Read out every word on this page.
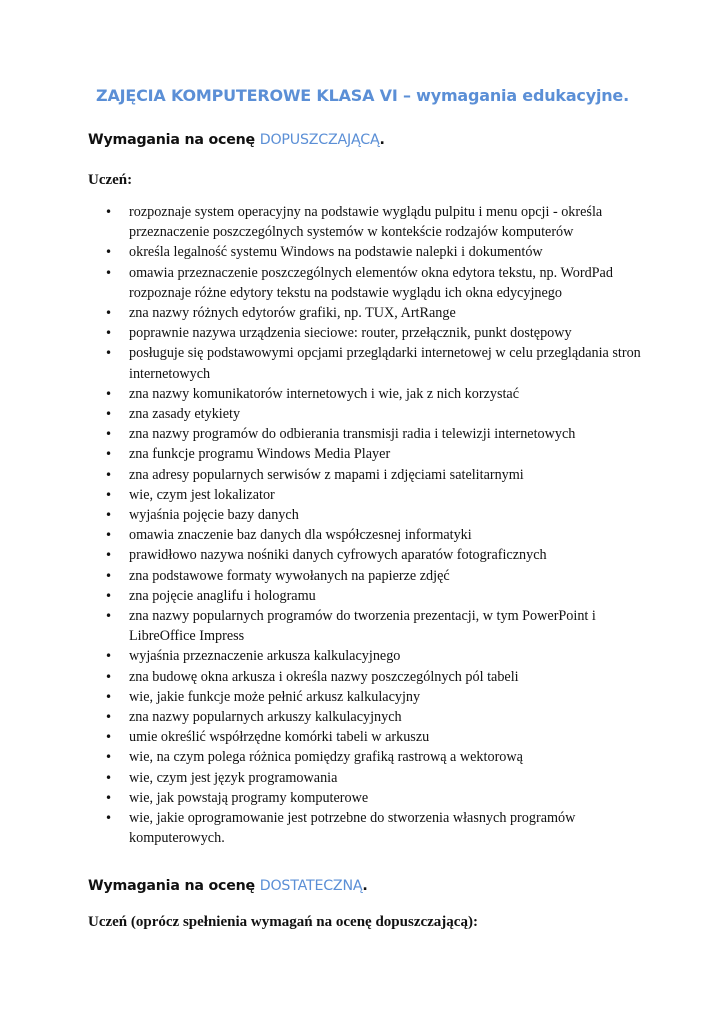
ZAJĘCIA KOMPUTEROWE KLASA VI – wymagania edukacyjne.
Wymagania na ocenę DOPUSZCZAJĄCĄ.

Uczeń:

• rozpoznaje system operacyjny na podstawie wyglądu pulpitu i menu opcji - określa przeznaczenie poszczególnych systemów w kontekście rodzajów komputerów
• określa legalność systemu Windows na podstawie nalepki i dokumentów
• omawia przeznaczenie poszczególnych elementów okna edytora tekstu, np. WordPad rozpoznaje różne edytory tekstu na podstawie wyglądu ich okna edycyjnego
• zna nazwy różnych edytorów grafiki, np. TUX, ArtRange
• poprawnie nazywa urządzenia sieciowe: router, przełącznik, punkt dostępowy
• posługuje się podstawowymi opcjami przeglądarki internetowej w celu przeglądania stron internetowych
• zna nazwy komunikatorów internetowych i wie, jak z nich korzystać
• zna zasady etykiety
• zna nazwy programów do odbierania transmisji radia i telewizji internetowych
• zna funkcje programu Windows Media Player
• zna adresy popularnych serwisów z mapami i zdjęciami satelitarnymi
• wie, czym jest lokalizator
• wyjaśnia pojęcie bazy danych
• omawia znaczenie baz danych dla współczesnej informatyki
• prawidłowo nazywa nośniki danych cyfrowych aparatów fotograficznych
• zna podstawowe formaty wywołanych na papierze zdjęć
• zna pojęcie anaglifu i hologramu
• zna nazwy popularnych programów do tworzenia prezentacji, w tym PowerPoint i LibreOffice Impress
• wyjaśnia przeznaczenie arkusza kalkulacyjnego
• zna budowę okna arkusza i określa nazwy poszczególnych pól tabeli
• wie, jakie funkcje może pełnić arkusz kalkulacyjny
• zna nazwy popularnych arkuszy kalkulacyjnych
• umie określić współrzędne komórki tabeli w arkuszu
• wie, na czym polega różnica pomiędzy grafiką rastrową a wektorową
• wie, czym jest język programowania
• wie, jak powstają programy komputerowe
• wie, jakie oprogramowanie jest potrzebne do stworzenia własnych programów komputerowych.
Wymagania na ocenę DOSTATECZNĄ.

Uczeń (oprócz spełnienia wymagań na ocenę dopuszczającą):
